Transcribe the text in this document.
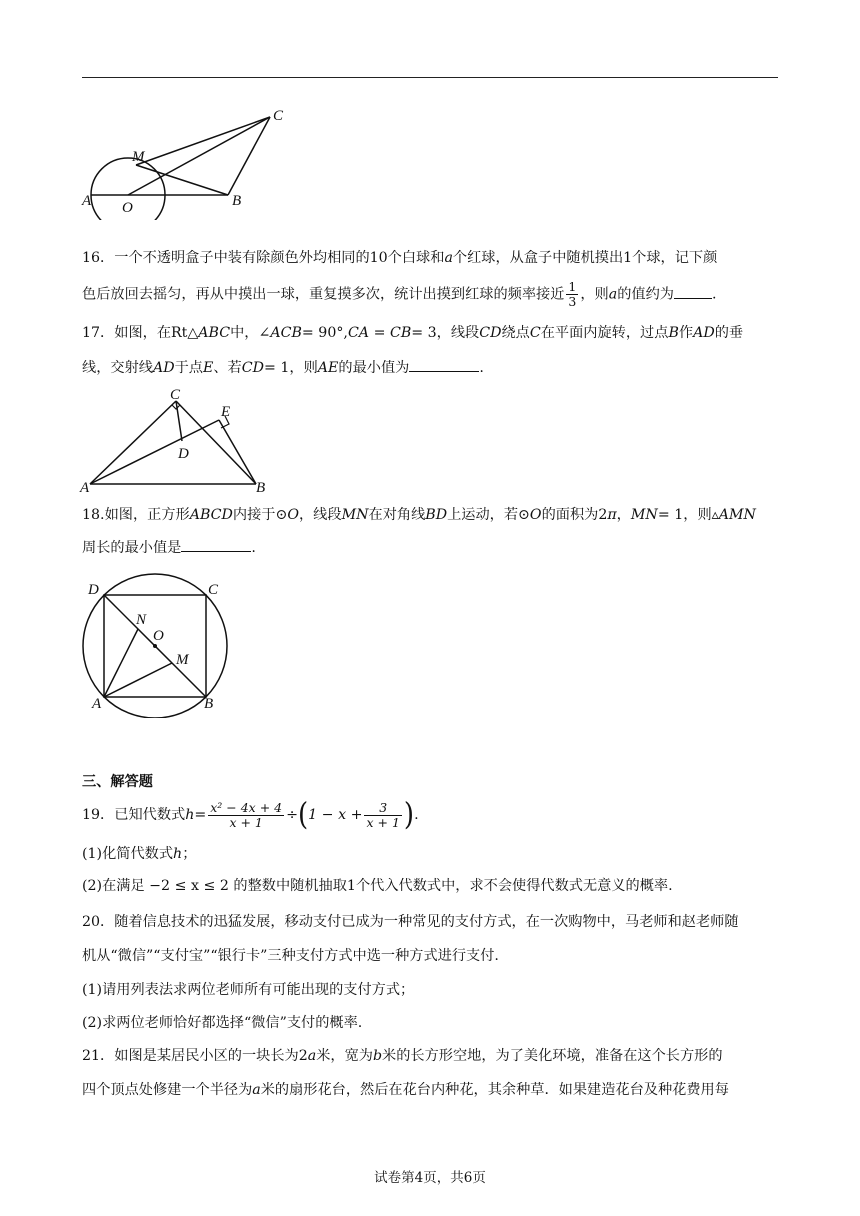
C
M
A O	B
16．一个不透明盒子中装有除颜色外均相同的10个白球和a个红球，从盒子中随机摸出1个球，记下颜
色后放回去摇匀，再从中摸出一球，重复摸多次，统计出摸到红球的频率接近 $\frac{1}{3}$ ，则a的值约为	.
17．如图，在Rt△ABC中，∠ACB= 90°,CA = CB= 3，线段CD绕点C在平面内旋转，过点B作AD的垂
线，交射线AD于点E、若CD= 1，则AE的最小值为	.
C
E
D
A	B
18.如图，正方形ABCD内接于⊙O，线段MN在对角线BD上运动，若⊙O的面积为2π，MN= 1，则▵AMN
周长的最小值是	.
D	C
N
O
M
A	B
三、解答题
19．已知代数式$h= \frac{\text{x² − 4x + 4}}{x + 1} \div(1 - x + \frac{3}{x + 1}$ ).
(1)化简代数式h；
(2)在满足 −2 ≤ x ≤ 2 的整数中随机抽取1个代入代数式中，求不会使得代数式无意义的概率.
20．随着信息技术的迅猛发展，移动支付已成为一种常见的支付方式，在一次购物中，马老师和赵老师随
机从“微信”“支付宝”“银行卡”三种支付方式中选一种方式进行支付.
(1)请用列表法求两位老师所有可能出现的支付方式；
(2)求两位老师恰好都选择“微信”支付的概率.
21．如图是某居民小区的一块长为2a米，宽为b米的长方形空地，为了美化环境，准备在这个长方形的
四个顶点处修建一个半径为a米的扇形花台，然后在花台内种花，其余种草．如果建造花台及种花费用每
试卷第4页，共6页
